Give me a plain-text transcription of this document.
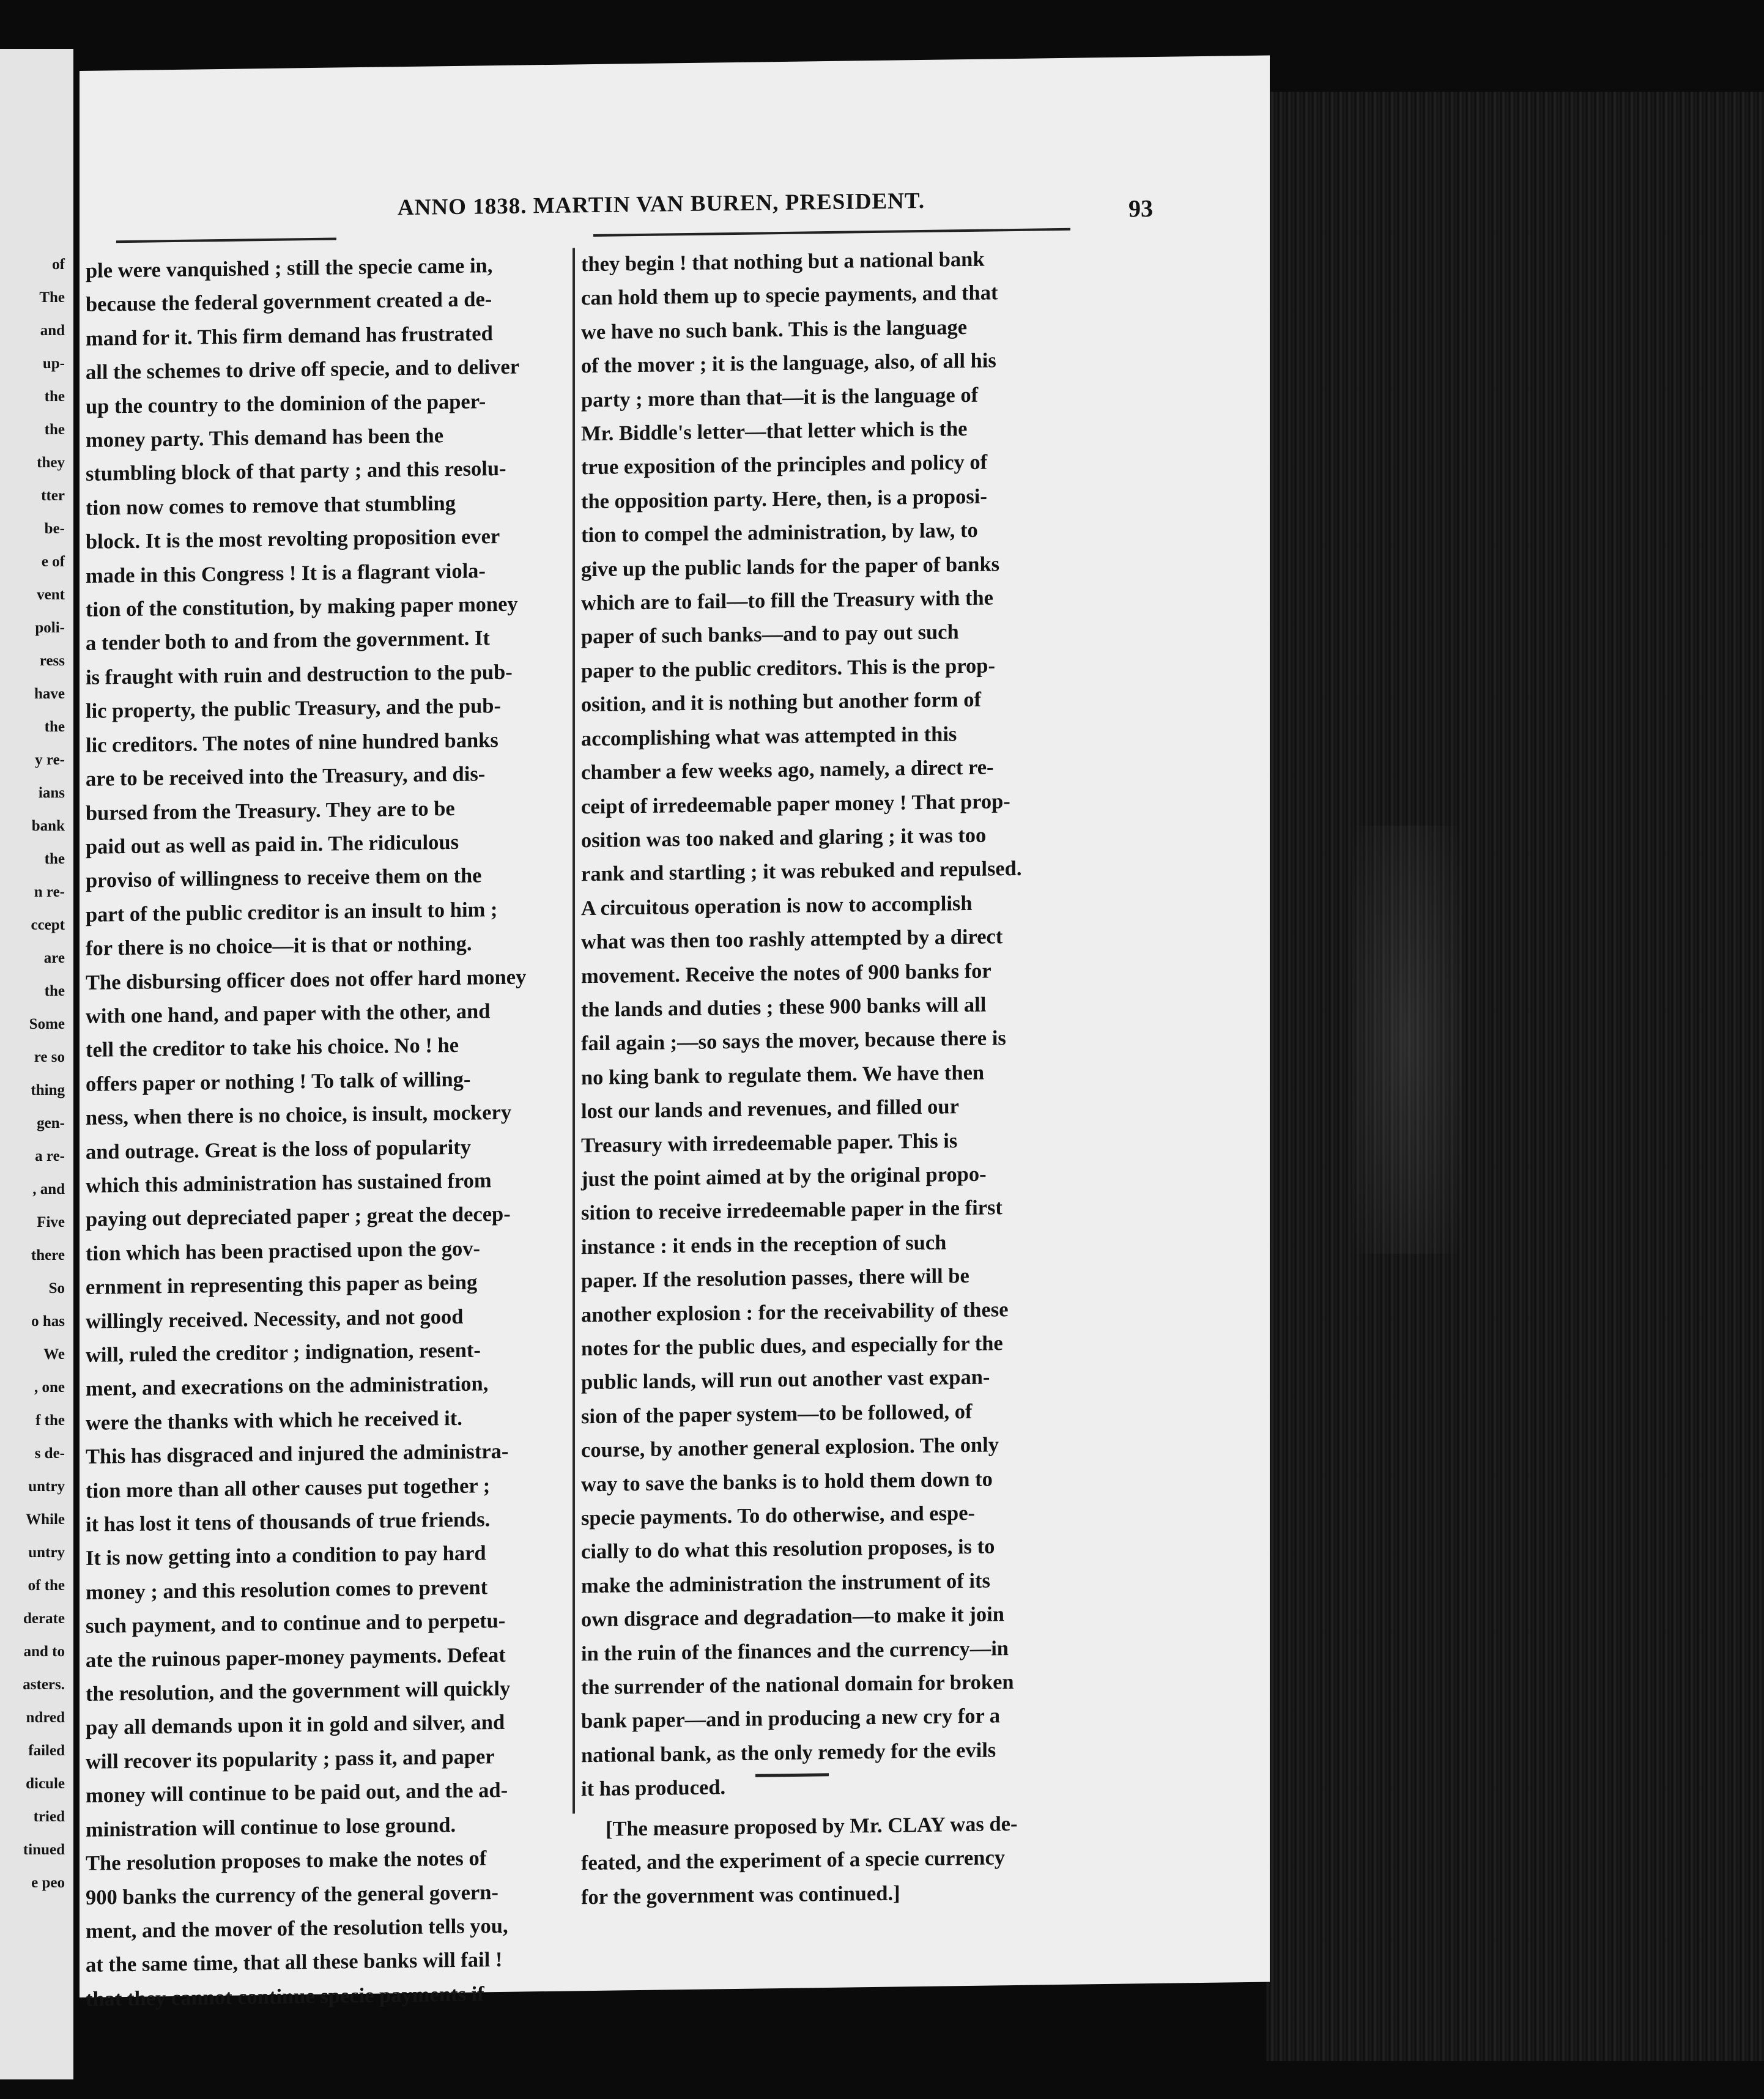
of
The
and
up-
the
the
they
tter
be-
e of
vent
poli-
ress
have
the
y re-
ians
bank
the
n re-
ccept
are
the
Some
re so
thing
gen-
a re-
, and
Five
there
So
o has
We
, one
f the
s de-
untry
While
untry
of the
derate
and to
asters.
ndred
failed
dicule
tried
tinued
e peo
ANNO 1838. MARTIN VAN BUREN, PRESIDENT.	93
ple were vanquished ; still the specie came in,
because the federal government created a de-
mand for it. This firm demand has frustrated
all the schemes to drive off specie, and to deliver
up the country to the dominion of the paper-
money party. This demand has been the
stumbling block of that party ; and this resolu-
tion now comes to remove that stumbling
block. It is the most revolting proposition ever
made in this Congress ! It is a flagrant viola-
tion of the constitution, by making paper money
a tender both to and from the government. It
is fraught with ruin and destruction to the pub-
lic property, the public Treasury, and the pub-
lic creditors. The notes of nine hundred banks
are to be received into the Treasury, and dis-
bursed from the Treasury. They are to be
paid out as well as paid in. The ridiculous
proviso of willingness to receive them on the
part of the public creditor is an insult to him ;
for there is no choice—it is that or nothing.
The disbursing officer does not offer hard money
with one hand, and paper with the other, and
tell the creditor to take his choice. No ! he
offers paper or nothing ! To talk of willing-
ness, when there is no choice, is insult, mockery
and outrage. Great is the loss of popularity
which this administration has sustained from
paying out depreciated paper ; great the decep-
tion which has been practised upon the gov-
ernment in representing this paper as being
willingly received. Necessity, and not good
will, ruled the creditor ; indignation, resent-
ment, and execrations on the administration,
were the thanks with which he received it.
This has disgraced and injured the administra-
tion more than all other causes put together ;
it has lost it tens of thousands of true friends.
It is now getting into a condition to pay hard
money ; and this resolution comes to prevent
such payment, and to continue and to perpetu-
ate the ruinous paper-money payments. Defeat
the resolution, and the government will quickly
pay all demands upon it in gold and silver, and
will recover its popularity ; pass it, and paper
money will continue to be paid out, and the ad-
ministration will continue to lose ground.
The resolution proposes to make the notes of
900 banks the currency of the general govern-
ment, and the mover of the resolution tells you,
at the same time, that all these banks will fail !
that they cannot continue specie payments if
they begin ! that nothing but a national bank
can hold them up to specie payments, and that
we have no such bank. This is the language
of the mover ; it is the language, also, of all his
party ; more than that—it is the language of
Mr. Biddle's letter—that letter which is the
true exposition of the principles and policy of
the opposition party. Here, then, is a proposi-
tion to compel the administration, by law, to
give up the public lands for the paper of banks
which are to fail—to fill the Treasury with the
paper of such banks—and to pay out such
paper to the public creditors. This is the prop-
osition, and it is nothing but another form of
accomplishing what was attempted in this
chamber a few weeks ago, namely, a direct re-
ceipt of irredeemable paper money ! That prop-
osition was too naked and glaring ; it was too
rank and startling ; it was rebuked and repulsed.
A circuitous operation is now to accomplish
what was then too rashly attempted by a direct
movement. Receive the notes of 900 banks for
the lands and duties ; these 900 banks will all
fail again ;—so says the mover, because there is
no king bank to regulate them. We have then
lost our lands and revenues, and filled our
Treasury with irredeemable paper. This is
just the point aimed at by the original propo-
sition to receive irredeemable paper in the first
instance : it ends in the reception of such
paper. If the resolution passes, there will be
another explosion : for the receivability of these
notes for the public dues, and especially for the
public lands, will run out another vast expan-
sion of the paper system—to be followed, of
course, by another general explosion. The only
way to save the banks is to hold them down to
specie payments. To do otherwise, and espe-
cially to do what this resolution proposes, is to
make the administration the instrument of its
own disgrace and degradation—to make it join
in the ruin of the finances and the currency—in
the surrender of the national domain for broken
bank paper—and in producing a new cry for a
national bank, as the only remedy for the evils
it has produced.
[The measure proposed by Mr. CLAY was de-
feated, and the experiment of a specie currency
for the government was continued.]
